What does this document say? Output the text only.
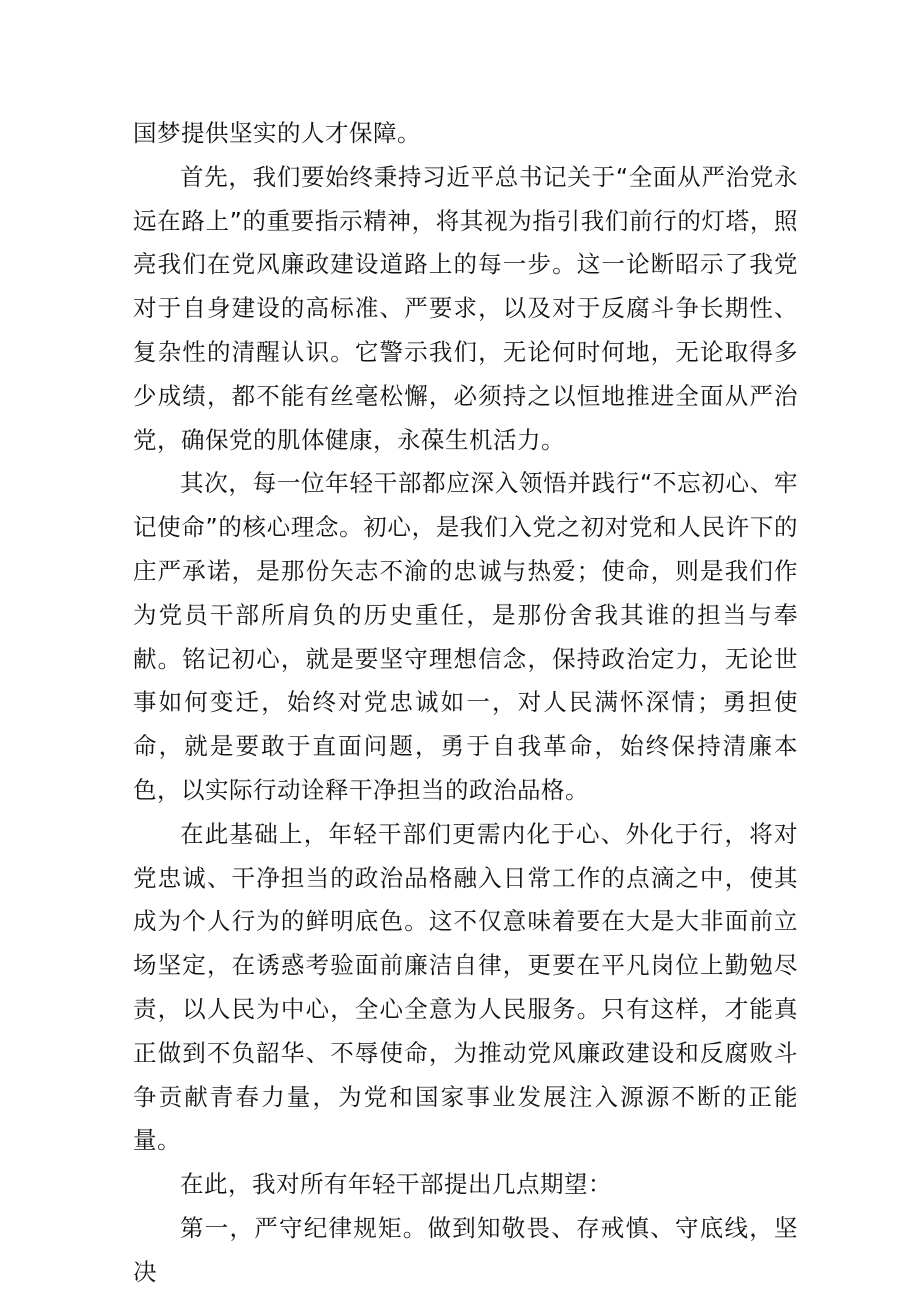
国梦提供坚实的人才保障。

首先，我们要始终秉持习近平总书记关于“全面从严治党永远在路上”的重要指示精神，将其视为指引我们前行的灯塔，照亮我们在党风廉政建设道路上的每一步。这一论断昭示了我党对于自身建设的高标准、严要求，以及对于反腐斗争长期性、复杂性的清醒认识。它警示我们，无论何时何地，无论取得多少成绩，都不能有丝毫松懈，必须持之以恒地推进全面从严治党，确保党的肌体健康，永葆生机活力。

其次，每一位年轻干部都应深入领悟并践行“不忘初心、牢记使命”的核心理念。初心，是我们入党之初对党和人民许下的庄严承诺，是那份矢志不渝的忠诚与热爱；使命，则是我们作为党员干部所肩负的历史重任，是那份舍我其谁的担当与奉献。铭记初心，就是要坚守理想信念，保持政治定力，无论世事如何变迁，始终对党忠诚如一，对人民满怀深情；勇担使命，就是要敢于直面问题，勇于自我革命，始终保持清廉本色，以实际行动诠释干净担当的政治品格。

在此基础上，年轻干部们更需内化于心、外化于行，将对党忠诚、干净担当的政治品格融入日常工作的点滴之中，使其成为个人行为的鲜明底色。这不仅意味着要在大是大非面前立场坚定，在诱惑考验面前廉洁自律，更要在平凡岗位上勤勉尽责，以人民为中心，全心全意为人民服务。只有这样，才能真正做到不负韶华、不辱使命，为推动党风廉政建设和反腐败斗争贡献青春力量，为党和国家事业发展注入源源不断的正能量。

在此，我对所有年轻干部提出几点期望：

第一，严守纪律规矩。做到知敬畏、存戒慎、守底线，坚决
